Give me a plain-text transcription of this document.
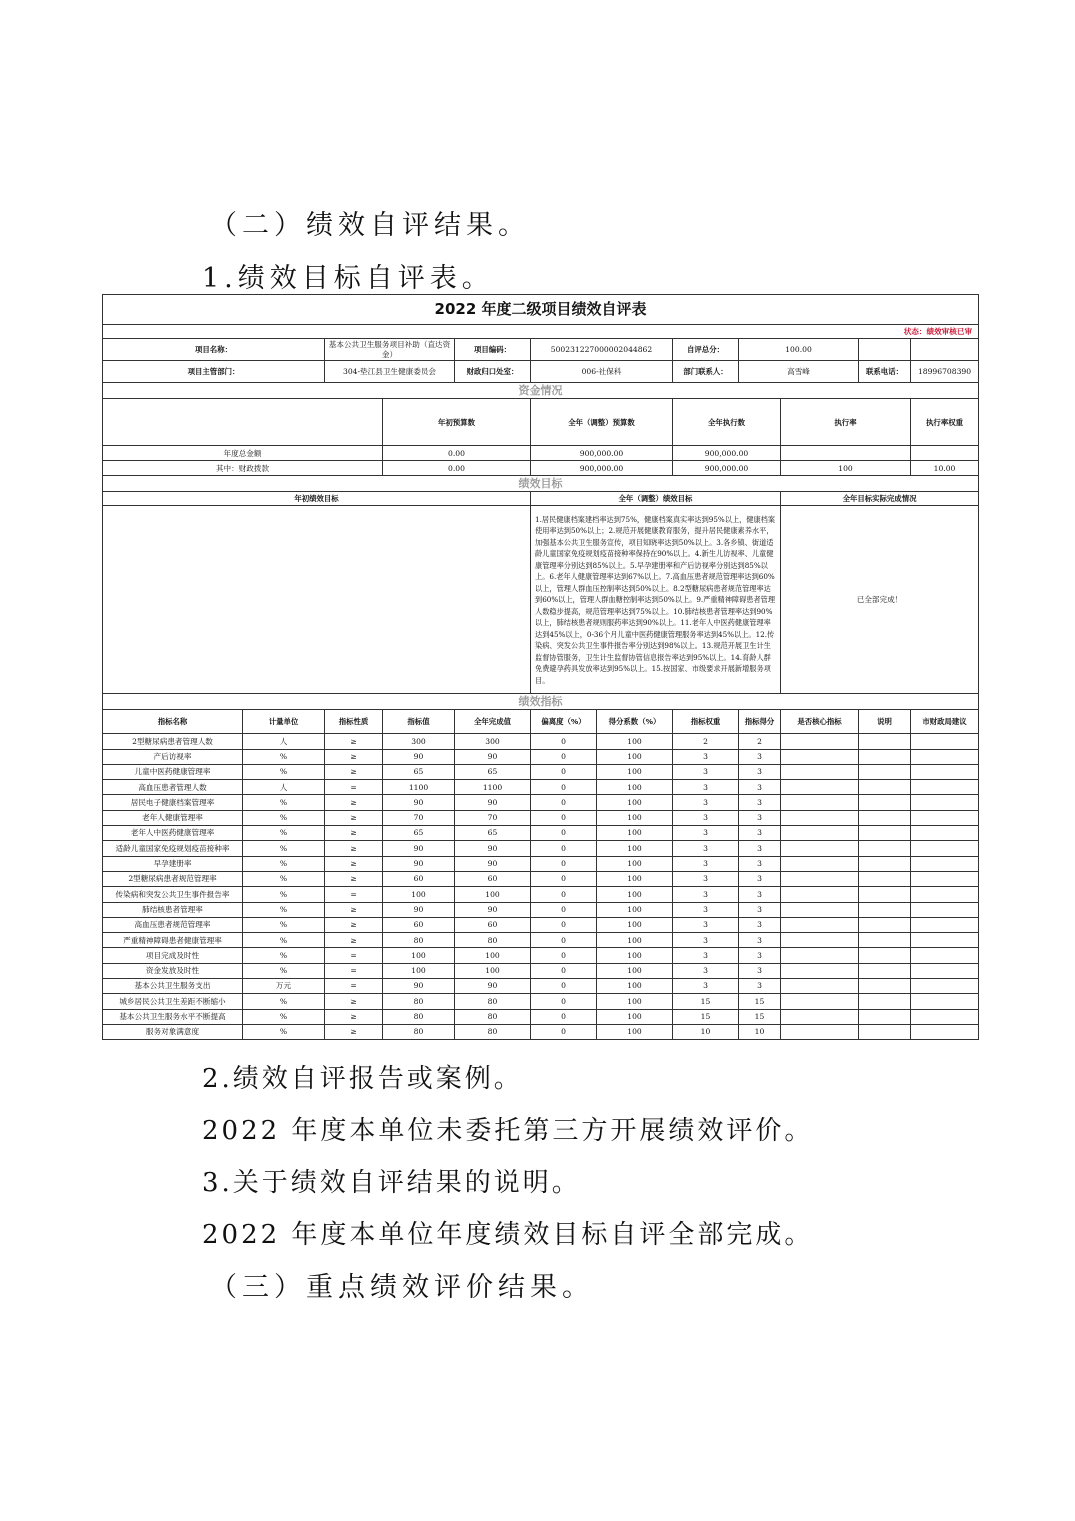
（二）绩效自评结果。

1.绩效目标自评表。

2022 年度二级项目绩效自评表												
状态：绩效审核已审												
项目名称：		基本公共卫生服务项目补助（直达资金）		项目编码：	500231227000002044862		自评总分：	100.00				
项目主管部门：		304-垫江县卫生健康委员会		财政归口处室：	006-社保科		部门联系人：	高雪峰		联系电话：	18996708390	
资金情况												
			年初预算数		全年（调整）预算数		全年执行数		执行率		执行率权重	
年度总金额			0.00		900,000.00		900,000.00					
其中：财政拨款			0.00		900,000.00		900,000.00		100		10.00	
绩效目标												
年初绩效目标					全年（调整）绩效目标				全年目标实际完成情况			
					1.居民健康档案建档率达到75%，健康档案真实率达到95%以上，健康档案使用率达到50%以上；2.规范开展健康教育服务，提升居民健康素养水平，加强基本公共卫生服务宣传，项目知晓率达到50%以上。3.各乡镇、街道适龄儿童国家免疫规划疫苗接种率保持在90%以上。4.新生儿访视率、儿童健康管理率分别达到85%以上。5.早孕建册率和产后访视率分别达到85%以上。6.老年人健康管理率达到67%以上。7.高血压患者规范管理率达到60%以上，管理人群血压控制率达到50%以上。8.2型糖尿病患者规范管理率达到60%以上，管理人群血糖控制率达到50%以上。9.严重精神障碍患者管理人数稳步提高，规范管理率达到75%以上。10.肺结核患者管理率达到90%以上，肺结核患者规则服药率达到90%以上。11.老年人中医药健康管理率达到45%以上，0-36个月儿童中医药健康管理服务率达到45%以上。12.传染病、突发公共卫生事件报告率分别达到98%以上。13.规范开展卫生计生监督协管服务，卫生计生监督协管信息报告率达到95%以上。14.育龄人群免费避孕药具发放率达到95%以上。15.按国家、市级要求开展新增服务项目。				已全部完成！			
绩效指标												
指标名称	计量单位	指标性质	指标值	全年完成值	偏离度（%）	得分系数（%）	指标权重	指标得分	是否核心指标	说明	市财政局建议	
2型糖尿病患者管理人数	人	≥	300	300	0	100	2	2				
产后访视率	%	≥	90	90	0	100	3	3				
儿童中医药健康管理率	%	≥	65	65	0	100	3	3				
高血压患者管理人数	人	=	1100	1100	0	100	3	3				
居民电子健康档案管理率	%	≥	90	90	0	100	3	3				
老年人健康管理率	%	≥	70	70	0	100	3	3				
老年人中医药健康管理率	%	≥	65	65	0	100	3	3				
适龄儿童国家免疫规划疫苗接种率	%	≥	90	90	0	100	3	3				
早孕建册率	%	≥	90	90	0	100	3	3				
2型糖尿病患者规范管理率	%	≥	60	60	0	100	3	3				
传染病和突发公共卫生事件报告率	%	=	100	100	0	100	3	3				
肺结核患者管理率	%	≥	90	90	0	100	3	3				
高血压患者规范管理率	%	≥	60	60	0	100	3	3				
严重精神障碍患者健康管理率	%	≥	80	80	0	100	3	3				
项目完成及时性	%	=	100	100	0	100	3	3				
资金发放及时性	%	=	100	100	0	100	3	3				
基本公共卫生服务支出	万元	=	90	90	0	100	3	3				
城乡居民公共卫生差距不断缩小	%	≥	80	80	0	100	15	15				
基本公共卫生服务水平不断提高	%	≥	80	80	0	100	15	15				
服务对象满意度	%	≥	80	80	0	100	10	10				

2.绩效自评报告或案例。

2022 年度本单位未委托第三方开展绩效评价。

3.关于绩效自评结果的说明。

2022 年度本单位年度绩效目标自评全部完成。

（三）重点绩效评价结果。
